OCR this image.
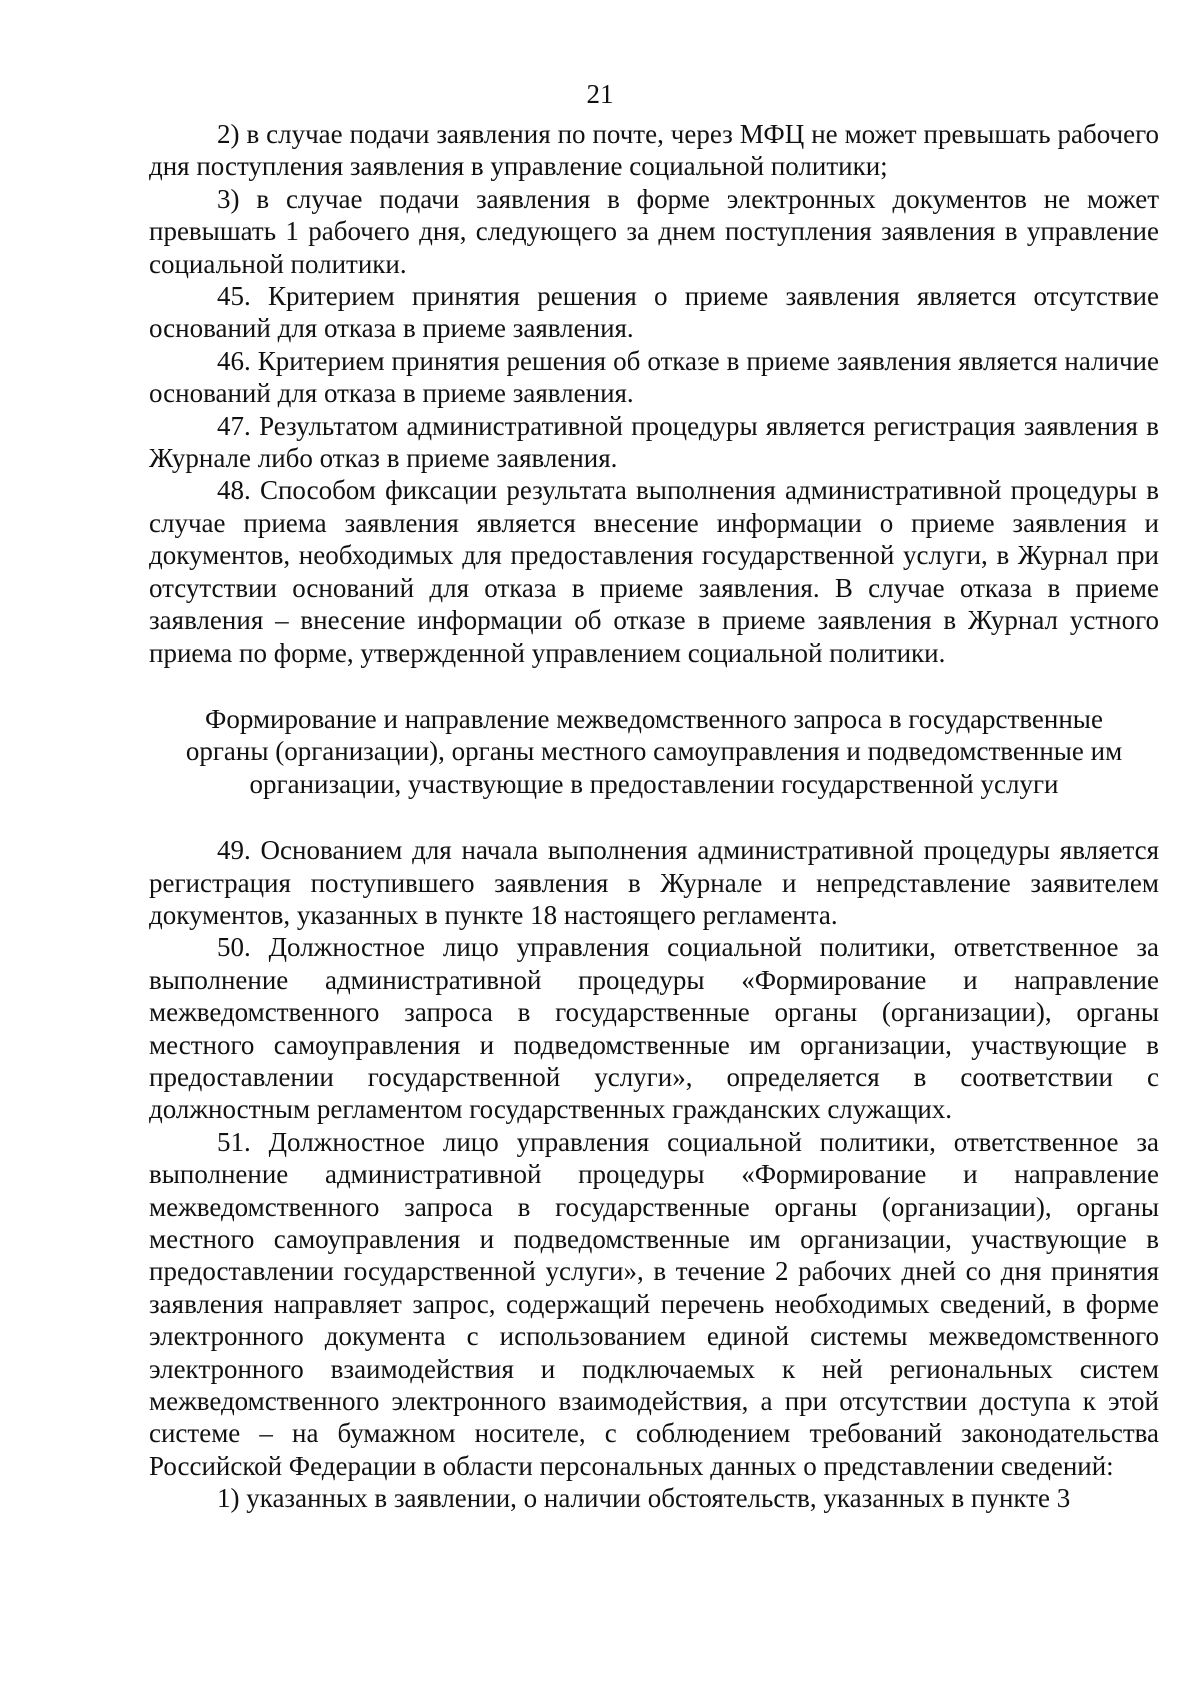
21

2) в случае подачи заявления по почте, через МФЦ не может превышать рабочего дня поступления заявления в управление социальной политики;

3) в случае подачи заявления в форме электронных документов не может превышать 1 рабочего дня, следующего за днем поступления заявления в управление социальной политики.

45. Критерием принятия решения о приеме заявления является отсутствие оснований для отказа в приеме заявления.

46. Критерием принятия решения об отказе в приеме заявления является наличие оснований для отказа в приеме заявления.

47. Результатом административной процедуры является регистрация заявления в Журнале либо отказ в приеме заявления.

48. Способом фиксации результата выполнения административной процедуры в случае приема заявления является внесение информации о приеме заявления и документов, необходимых для предоставления государственной услуги, в Журнал при отсутствии оснований для отказа в приеме заявления. В случае отказа в приеме заявления – внесение информации об отказе в приеме заявления в Журнал устного приема по форме, утвержденной управлением социальной политики.

Формирование и направление межведомственного запроса в государственные органы (организации), органы местного самоуправления и подведомственные им организации, участвующие в предоставлении государственной услуги

49. Основанием для начала выполнения административной процедуры является регистрация поступившего заявления в Журнале и непредставление заявителем документов, указанных в пункте 18 настоящего регламента.

50. Должностное лицо управления социальной политики, ответственное за выполнение административной процедуры «Формирование и направление межведомственного запроса в государственные органы (организации), органы местного самоуправления и подведомственные им организации, участвующие в предоставлении государственной услуги», определяется в соответствии с должностным регламентом государственных гражданских служащих.

51. Должностное лицо управления социальной политики, ответственное за выполнение административной процедуры «Формирование и направление межведомственного запроса в государственные органы (организации), органы местного самоуправления и подведомственные им организации, участвующие в предоставлении государственной услуги», в течение 2 рабочих дней со дня принятия заявления направляет запрос, содержащий перечень необходимых сведений, в форме электронного документа с использованием единой системы межведомственного электронного взаимодействия и подключаемых к ней региональных систем межведомственного электронного взаимодействия, а при отсутствии доступа к этой системе – на бумажном носителе, с соблюдением требований законодательства Российской Федерации в области персональных данных о представлении сведений:

1) указанных в заявлении, о наличии обстоятельств, указанных в пункте 3
